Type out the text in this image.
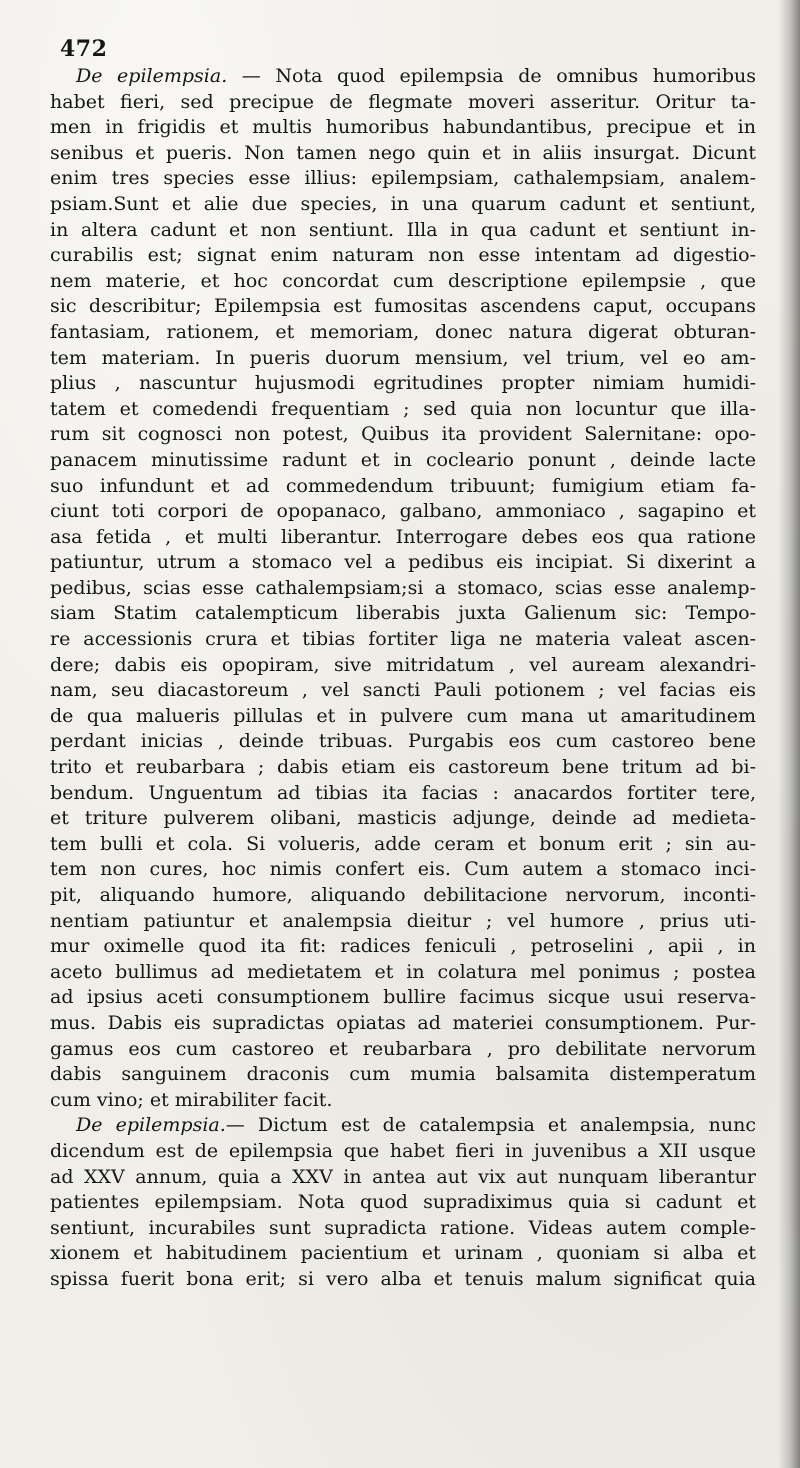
472
De epilempsia. — Nota quod epilempsia de omnibus humoribus
habet fieri, sed precipue de flegmate moveri asseritur. Oritur ta-
men in frigidis et multis humoribus habundantibus, precipue et in
senibus et pueris. Non tamen nego quin et in aliis insurgat. Dicunt
enim tres species esse illius: epilempsiam, cathalempsiam, analem-
psiam.Sunt et alie due species, in una quarum cadunt et sentiunt,
in altera cadunt et non sentiunt. Illa in qua cadunt et sentiunt in-
curabilis est; signat enim naturam non esse intentam ad digestio-
nem materie, et hoc concordat cum descriptione epilempsie , que
sic describitur; Epilempsia est fumositas ascendens caput, occupans
fantasiam, rationem, et memoriam, donec natura digerat obturan-
tem materiam. In pueris duorum mensium, vel trium, vel eo am-
plius , nascuntur hujusmodi egritudines propter nimiam humidi-
tatem et comedendi frequentiam ; sed quia non locuntur que illa-
rum sit cognosci non potest, Quibus ita provident Salernitane: opo-
panacem minutissime radunt et in cocleario ponunt , deinde lacte
suo infundunt et ad commedendum tribuunt; fumigium etiam fa-
ciunt toti corpori de opopanaco, galbano, ammoniaco , sagapino et
asa fetida , et multi liberantur. Interrogare debes eos qua ratione
patiuntur, utrum a stomaco vel a pedibus eis incipiat. Si dixerint a
pedibus, scias esse cathalempsiam;si a stomaco, scias esse analemp-
siam Statim catalempticum liberabis juxta Galienum sic: Tempo-
re accessionis crura et tibias fortiter liga ne materia valeat ascen-
dere; dabis eis opopiram, sive mitridatum , vel auream alexandri-
nam, seu diacastoreum , vel sancti Pauli potionem ; vel facias eis
de qua malueris pillulas et in pulvere cum mana ut amaritudinem
perdant inicias , deinde tribuas. Purgabis eos cum castoreo bene
trito et reubarbara ; dabis etiam eis castoreum bene tritum ad bi-
bendum. Unguentum ad tibias ita facias : anacardos fortiter tere,
et triture pulverem olibani, masticis adjunge, deinde ad medieta-
tem bulli et cola. Si volueris, adde ceram et bonum erit ; sin au-
tem non cures, hoc nimis confert eis. Cum autem a stomaco inci-
pit, aliquando humore, aliquando debilitacione nervorum, inconti-
nentiam patiuntur et analempsia dieitur ; vel humore , prius uti-
mur oximelle quod ita fit: radices feniculi , petroselini , apii , in
aceto bullimus ad medietatem et in colatura mel ponimus ; postea
ad ipsius aceti consumptionem bullire facimus sicque usui reserva-
mus. Dabis eis supradictas opiatas ad materiei consumptionem. Pur-
gamus eos cum castoreo et reubarbara , pro debilitate nervorum
dabis sanguinem draconis cum mumia balsamita distemperatum
cum vino; et mirabiliter facit.
De epilempsia.— Dictum est de catalempsia et analempsia, nunc
dicendum est de epilempsia que habet fieri in juvenibus a XII usque
ad XXV annum, quia a XXV in antea aut vix aut nunquam liberantur
patientes epilempsiam. Nota quod supradiximus quia si cadunt et
sentiunt, incurabiles sunt supradicta ratione. Videas autem comple-
xionem et habitudinem pacientium et urinam , quoniam si alba et
spissa fuerit bona erit; si vero alba et tenuis malum significat quia
